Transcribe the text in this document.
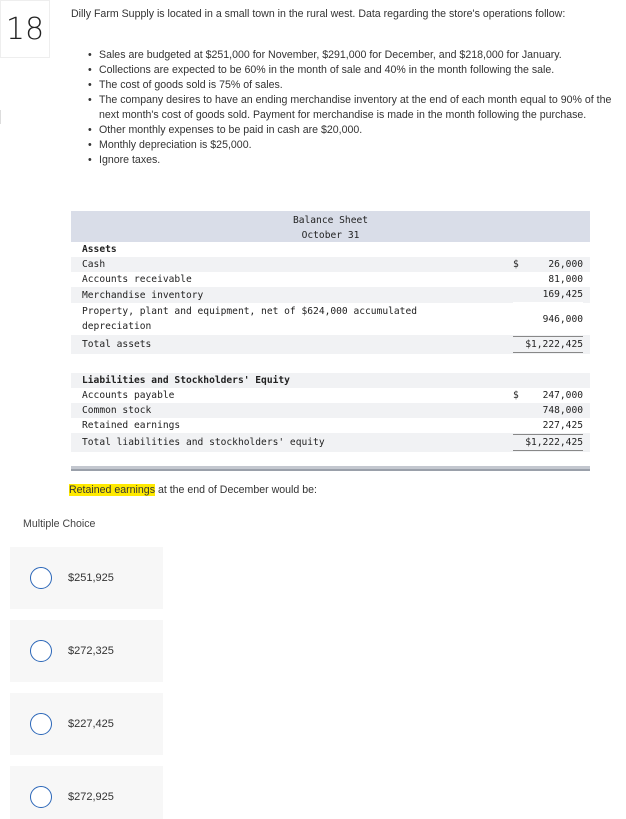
18	Dilly Farm Supply is located in a small town in the rural west. Data regarding the store's operations follow:
• Sales are budgeted at $251,000 for November, $291,000 for December, and $218,000 for January.
• Collections are expected to be 60% in the month of sale and 40% in the month following the sale.
• The cost of goods sold is 75% of sales.
• The company desires to have an ending merchandise inventory at the end of each month equal to 90% of the next month's cost of goods sold. Payment for merchandise is made in the month following the purchase.
• Other monthly expenses to be paid in cash are $20,000.
• Monthly depreciation is $25,000.
• Ignore taxes.
Balance Sheet
October 31
Assets
Cash	$	26,000
Accounts receivable	81,000
Merchandise inventory	169,425
Property, plant and equipment, net of $624,000 accumulated depreciation
946,000
Total assets	$1,222,425
Liabilities and Stockholders' Equity
Accounts payable	$ 247,000
Common stock	748,000
Retained earnings	227,425
Total liabilities and stockholders' equity	$1,222,425
Retained earnings at the end of December would be:
Multiple Choice
$251,925
$272,325
$227,425
$272,925
